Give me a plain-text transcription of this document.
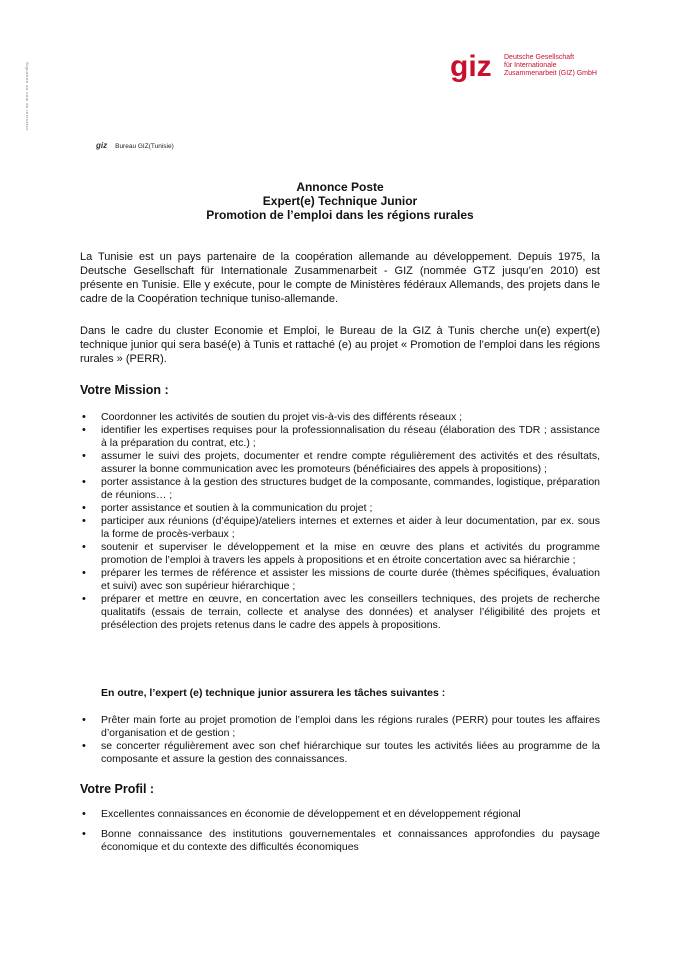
Signature au nom du recruteur	giz Deutsche Gesellschaft
für Internationale
Zusammenarbeit (GIZ) GmbH
giz Bureau GIZ(Tunisie)
Annonce Poste
Expert(e) Technique Junior
Promotion de l’emploi dans les régions rurales
La Tunisie est un pays partenaire de la coopération allemande au développement. Depuis 1975, la Deutsche Gesellschaft für Internationale Zusammenarbeit - GIZ (nommée GTZ jusqu’en 2010) est présente en Tunisie. Elle y exécute, pour le compte de Ministères fédéraux Allemands, des projets dans le cadre de la Coopération technique tuniso-allemande.
Dans le cadre du cluster Economie et Emploi, le Bureau de la GIZ à Tunis cherche un(e) expert(e) technique junior qui sera basé(e) à Tunis et rattaché (e) au projet « Promotion de l’emploi dans les régions rurales » (PERR).
Votre Mission :
• Coordonner les activités de soutien du projet vis-à-vis des différents réseaux ;
• identifier les expertises requises pour la professionnalisation du réseau (élaboration des TDR ; assistance à la préparation du contrat, etc.) ;
• assumer le suivi des projets, documenter et rendre compte régulièrement des activités et des résultats, assurer la bonne communication avec les promoteurs (bénéficiaires des appels à propositions) ;
• porter assistance à la gestion des structures budget de la composante, commandes, logistique, préparation de réunions… ;
• porter assistance et soutien à la communication du projet ;
• participer aux réunions (d’équipe)/ateliers internes et externes et aider à leur documentation, par ex. sous la forme de procès-verbaux ;
• soutenir et superviser le développement et la mise en œuvre des plans et activités du programme promotion de l’emploi à travers les appels à propositions et en étroite concertation avec sa hiérarchie ;
• préparer les termes de référence et assister les missions de courte durée (thèmes spécifiques, évaluation et suivi) avec son supérieur hiérarchique ;
• préparer et mettre en œuvre, en concertation avec les conseillers techniques, des projets de recherche qualitatifs (essais de terrain, collecte et analyse des données) et analyser l’éligibilité des projets et présélection des projets retenus dans le cadre des appels à propositions.
En outre, l’expert (e) technique junior assurera les tâches suivantes :
• Prêter main forte au projet promotion de l’emploi dans les régions rurales (PERR) pour toutes les affaires d’organisation et de gestion ;
• se concerter régulièrement avec son chef hiérarchique sur toutes les activités liées au programme de la composante et assure la gestion des connaissances.
Votre Profil :
• Excellentes connaissances en économie de développement et en développement régional
• Bonne connaissance des institutions gouvernementales et connaissances approfondies du paysage économique et du contexte des difficultés économiques
